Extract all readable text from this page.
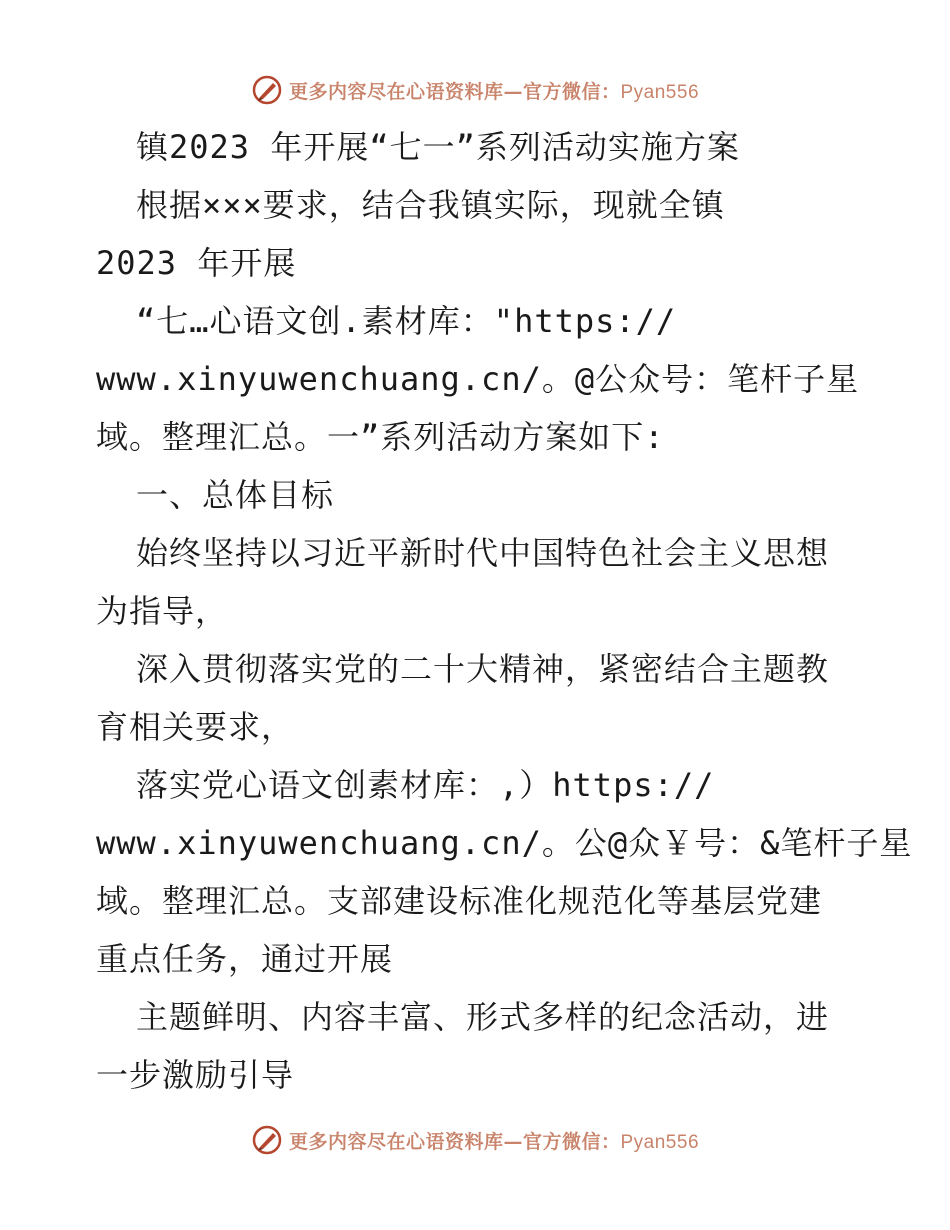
更多内容尽在心语资料库—官方微信：Pyan556
镇2023 年开展“七一”系列活动实施方案
根据×××要求，结合我镇实际，现就全镇
2023 年开展
“七…心语文创.素材库："https://
www.xinyuwenchuang.cn/。@公众号：笔杆子星
域。整理汇总。一”系列活动方案如下:
一、总体目标
始终坚持以习近平新时代中国特色社会主义思想
为指导，
深入贯彻落实党的二十大精神，紧密结合主题教
育相关要求，
落实党心语文创素材库：,）https://
www.xinyuwenchuang.cn/。公@众￥号：&笔杆子星
域。整理汇总。支部建设标准化规范化等基层党建
重点任务，通过开展
主题鲜明、内容丰富、形式多样的纪念活动，进
一步激励引导
更多内容尽在心语资料库—官方微信：Pyan556
